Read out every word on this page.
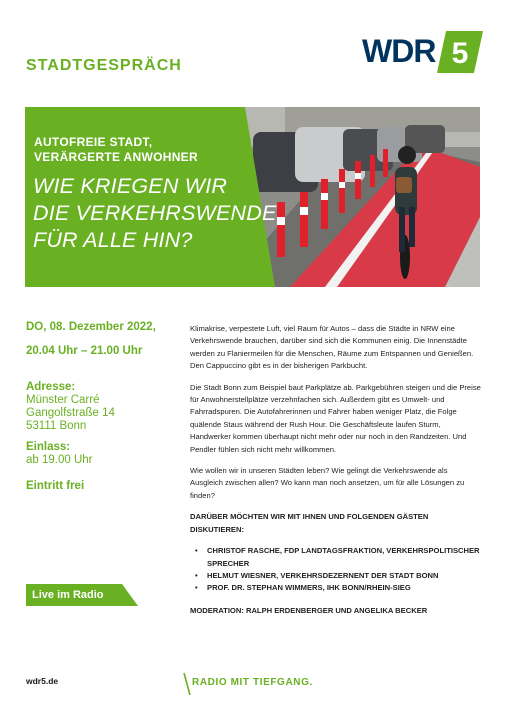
STADTGESPRÄCH	WDR 5
AUTOFREIE STADT,
VERÄRGERTE ANWOHNER
WIE KRIEGEN WIR
DIE VERKEHRSWENDE
FÜR ALLE HIN?
DO, 08. Dezember 2022,
20.04 Uhr – 21.00 Uhr
Adresse:
Münster Carré
Gangolfstraße 14
53111 Bonn
Einlass:
ab 19.00 Uhr
Eintritt frei

Klimakrise, verpestete Luft, viel Raum für Autos – dass die Städte in NRW eine Verkehrswende brauchen, darüber sind sich die Kommunen einig. Die Innenstädte werden zu Flaniermeilen für die Menschen, Räume zum Entspannen und Genießen. Den Cappuccino gibt es in der bisherigen Parkbucht.

Die Stadt Bonn zum Beispiel baut Parkplätze ab. Parkgebühren steigen und die Preise für Anwohnerstellplätze verzehnfachen sich. Außerdem gibt es Umwelt- und Fahrradspuren. Die Autofahrerinnen und Fahrer haben weniger Platz, die Folge quälende Staus während der Rush Hour. Die Geschäftsleute laufen Sturm, Handwerker kommen überhaupt nicht mehr oder nur noch in den Randzeiten. Und Pendler fühlen sich nicht mehr willkommen.

Wie wollen wir in unseren Städten leben? Wie gelingt die Verkehrswende als Ausgleich zwischen allen? Wo kann man noch ansetzen, um für alle Lösungen zu finden?

DARÜBER MÖCHTEN WIR MIT IHNEN UND FOLGENDEN GÄSTEN DISKUTIEREN:

• CHRISTOF RASCHE, FDP LANDTAGSFRAKTION, VERKEHRSPOLITISCHER SPRECHER
• HELMUT WIESNER, VERKEHRSDEZERNENT DER STADT BONN
• PROF. DR. STEPHAN WIMMERS, IHK BONN/RHEIN-SIEG

MODERATION: RALPH ERDENBERGER UND ANGELIKA BECKER

Live im Radio
wdr5.de	RADIO MIT TIEFGANG.
